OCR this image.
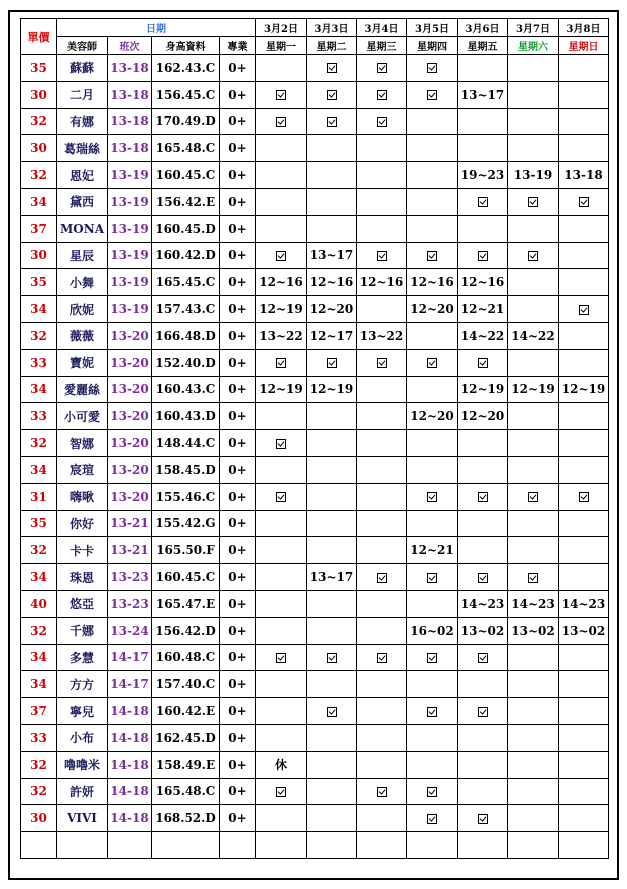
單價	日期				3月2日	3月3日	3月4日	3月5日	3月6日	3月7日	3月8日
	美容師	班次	身高資料	專業	星期一	星期二	星期三	星期四	星期五	星期六	星期日
35	蘇蘇	13-18	162.43.C	0+							
30	二月	13-18	156.45.C	0+					13~17		
32	有娜	13-18	170.49.D	0+							
30	葛瑞絲	13-18	165.48.C	0+							
32	恩妃	13-19	160.45.C	0+					19~23	13-19	13-18
34	黛西	13-19	156.42.E	0+							
37	MONA	13-19	160.45.D	0+							
30	星辰	13-19	160.42.D	0+		13~17					
35	小舞	13-19	165.45.C	0+	12~16	12~16	12~16	12~16	12~16		
34	欣妮	13-19	157.43.C	0+	12~19	12~20		12~20	12~21		
32	薇薇	13-20	166.48.D	0+	13~22	12~17	13~22		14~22	14~22	
33	寶妮	13-20	152.40.D	0+							
34	愛麗絲	13-20	160.43.C	0+	12~19	12~19			12~19	12~19	12~19
33	小可愛	13-20	160.43.D	0+				12~20	12~20		
32	智娜	13-20	148.44.C	0+							
34	宸瑄	13-20	158.45.D	0+							
31	嗨啾	13-20	155.46.C	0+							
35	你好	13-21	155.42.G	0+							
32	卡卡	13-21	165.50.F	0+				12~21			
34	珠恩	13-23	160.45.C	0+		13~17					
40	悠亞	13-23	165.47.E	0+					14~23	14~23	14~23
32	千娜	13-24	156.42.D	0+				16~02	13~02	13~02	13~02
34	多慧	14-17	160.48.C	0+							
34	方方	14-17	157.40.C	0+							
37	寧兒	14-18	160.42.E	0+							
33	小布	14-18	162.45.D	0+							
32	嚕嚕米	14-18	158.49.E	0+	休						
32	許妍	14-18	165.48.C	0+							
30	VIVI	14-18	168.52.D	0+							
